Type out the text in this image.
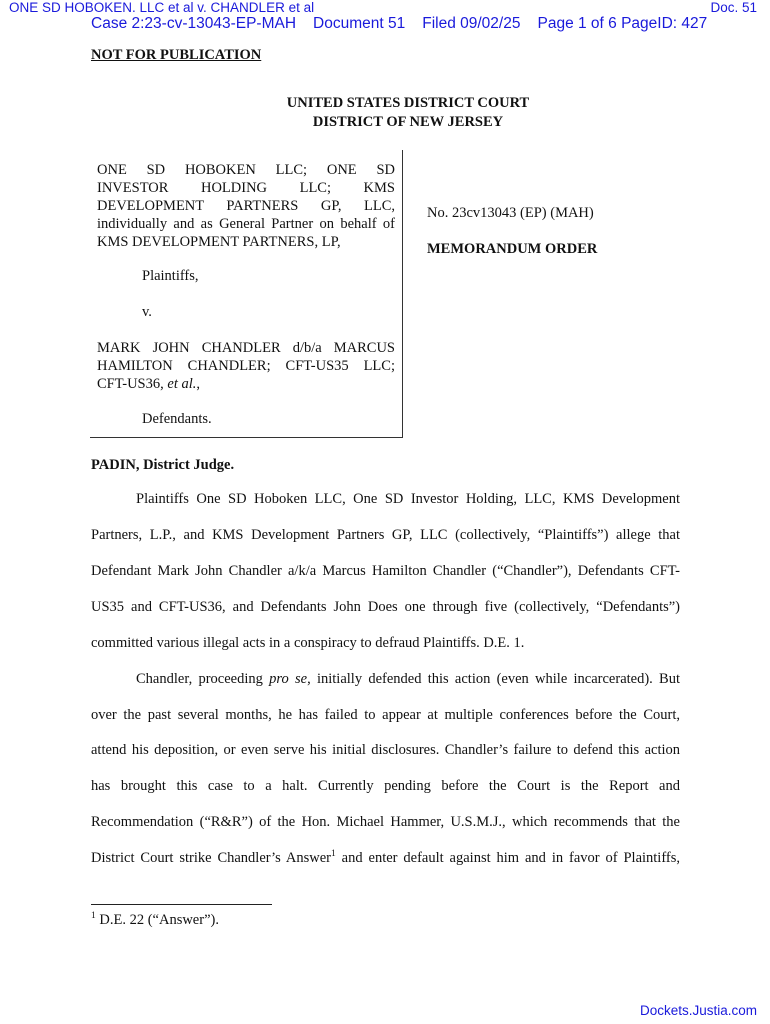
ONE SD HOBOKEN. LLC et al v. CHANDLER et al	Doc. 51
Case 2:23-cv-13043-EP-MAH Document 51 Filed 09/02/25 Page 1 of 6 PageID: 427
NOT FOR PUBLICATION
UNITED STATES DISTRICT COURT
DISTRICT OF NEW JERSEY
ONE SD HOBOKEN LLC; ONE SD
INVESTOR HOLDING LLC; KMS
DEVELOPMENT PARTNERS GP, LLC,
individually and as General Partner on behalf of
KMS DEVELOPMENT PARTNERS, LP,
Plaintiffs,
v.
MARK JOHN CHANDLER d/b/a MARCUS
HAMILTON CHANDLER; CFT-US35 LLC;
CFT-US36, et al.,
Defendants.
No. 23cv13043 (EP) (MAH)
MEMORANDUM ORDER
PADIN, District Judge.
Plaintiffs One SD Hoboken LLC, One SD Investor Holding, LLC, KMS Development
Partners, L.P., and KMS Development Partners GP, LLC (collectively, “Plaintiffs”) allege that
Defendant Mark John Chandler a/k/a Marcus Hamilton Chandler (“Chandler”), Defendants CFT-
US35 and CFT-US36, and Defendants John Does one through five (collectively, “Defendants”)
committed various illegal acts in a conspiracy to defraud Plaintiffs. D.E. 1.
Chandler, proceeding pro se, initially defended this action (even while incarcerated). But
over the past several months, he has failed to appear at multiple conferences before the Court,
attend his deposition, or even serve his initial disclosures. Chandler’s failure to defend this action
has brought this case to a halt. Currently pending before the Court is the Report and
Recommendation (“R&R”) of the Hon. Michael Hammer, U.S.M.J., which recommends that the
District Court strike Chandler’s Answer$^1$ and enter default against him and in favor of Plaintiffs,
$^1$ D.E. 22 (“Answer”).
Dockets.Justia.com
